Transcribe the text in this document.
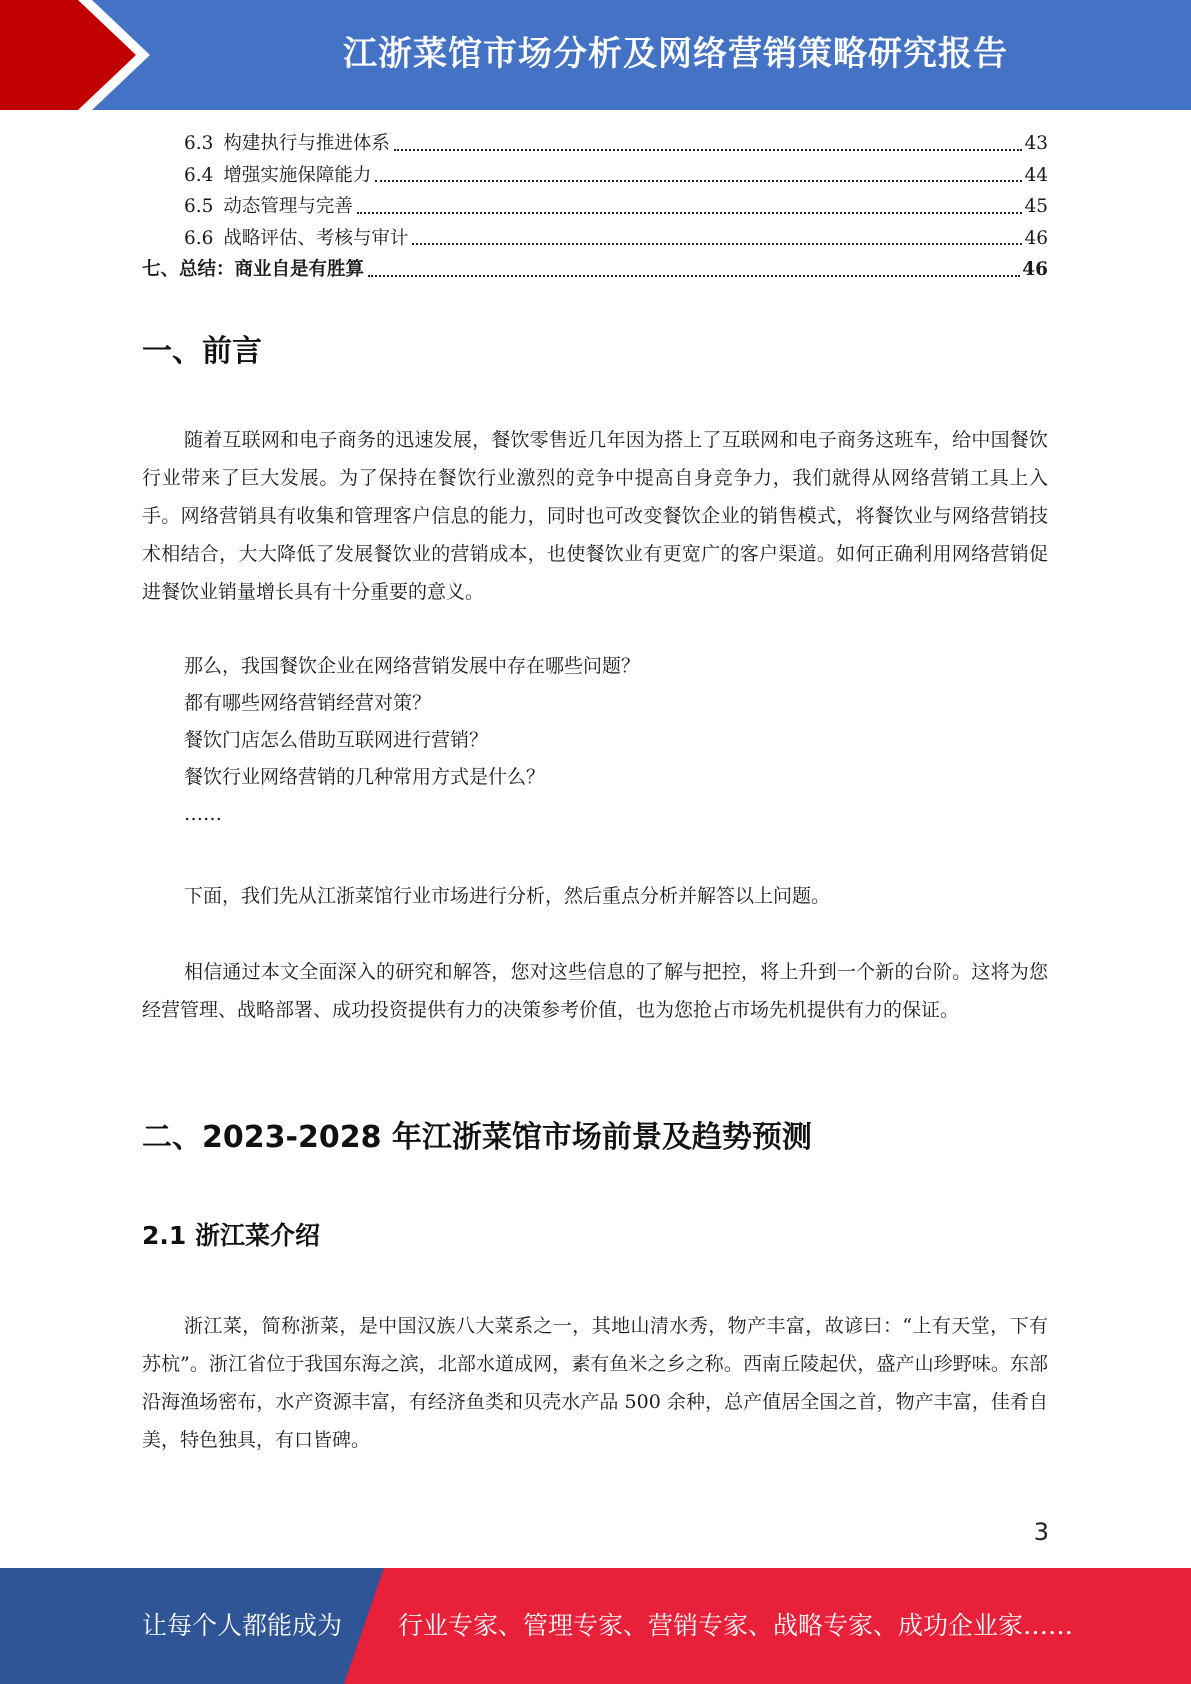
江浙菜馆市场分析及网络营销策略研究报告
6.3 构建执行与推进体系	43
6.4 增强实施保障能力	44
6.5 动态管理与完善	45
6.6 战略评估、考核与审计	46
七、总结：商业自是有胜算	46
一、前言

随着互联网和电子商务的迅速发展，餐饮零售近几年因为搭上了互联网和电子商务这班车，给中国餐饮行业带来了巨大发展。为了保持在餐饮行业激烈的竞争中提高自身竞争力，我们就得从网络营销工具上入手。网络营销具有收集和管理客户信息的能力，同时也可改变餐饮企业的销售模式，将餐饮业与网络营销技术相结合，大大降低了发展餐饮业的营销成本，也使餐饮业有更宽广的客户渠道。如何正确利用网络营销促进餐饮业销量增长具有十分重要的意义。

那么，我国餐饮企业在网络营销发展中存在哪些问题？
都有哪些网络营销经营对策？
餐饮门店怎么借助互联网进行营销？
餐饮行业网络营销的几种常用方式是什么？
……

下面，我们先从江浙菜馆行业市场进行分析，然后重点分析并解答以上问题。

相信通过本文全面深入的研究和解答，您对这些信息的了解与把控，将上升到一个新的台阶。这将为您经营管理、战略部署、成功投资提供有力的决策参考价值，也为您抢占市场先机提供有力的保证。

二、2023-2028 年江浙菜馆市场前景及趋势预测
2.1 浙江菜介绍

浙江菜，简称浙菜，是中国汉族八大菜系之一，其地山清水秀，物产丰富，故谚曰：“上有天堂，下有苏杭”。浙江省位于我国东海之滨，北部水道成网，素有鱼米之乡之称。西南丘陵起伏，盛产山珍野味。东部沿海渔场密布，水产资源丰富，有经济鱼类和贝壳水产品 500 余种，总产值居全国之首，物产丰富，佳肴自美，特色独具，有口皆碑。

3
让每个人都能成为 行业专家、管理专家、营销专家、战略专家、成功企业家……
